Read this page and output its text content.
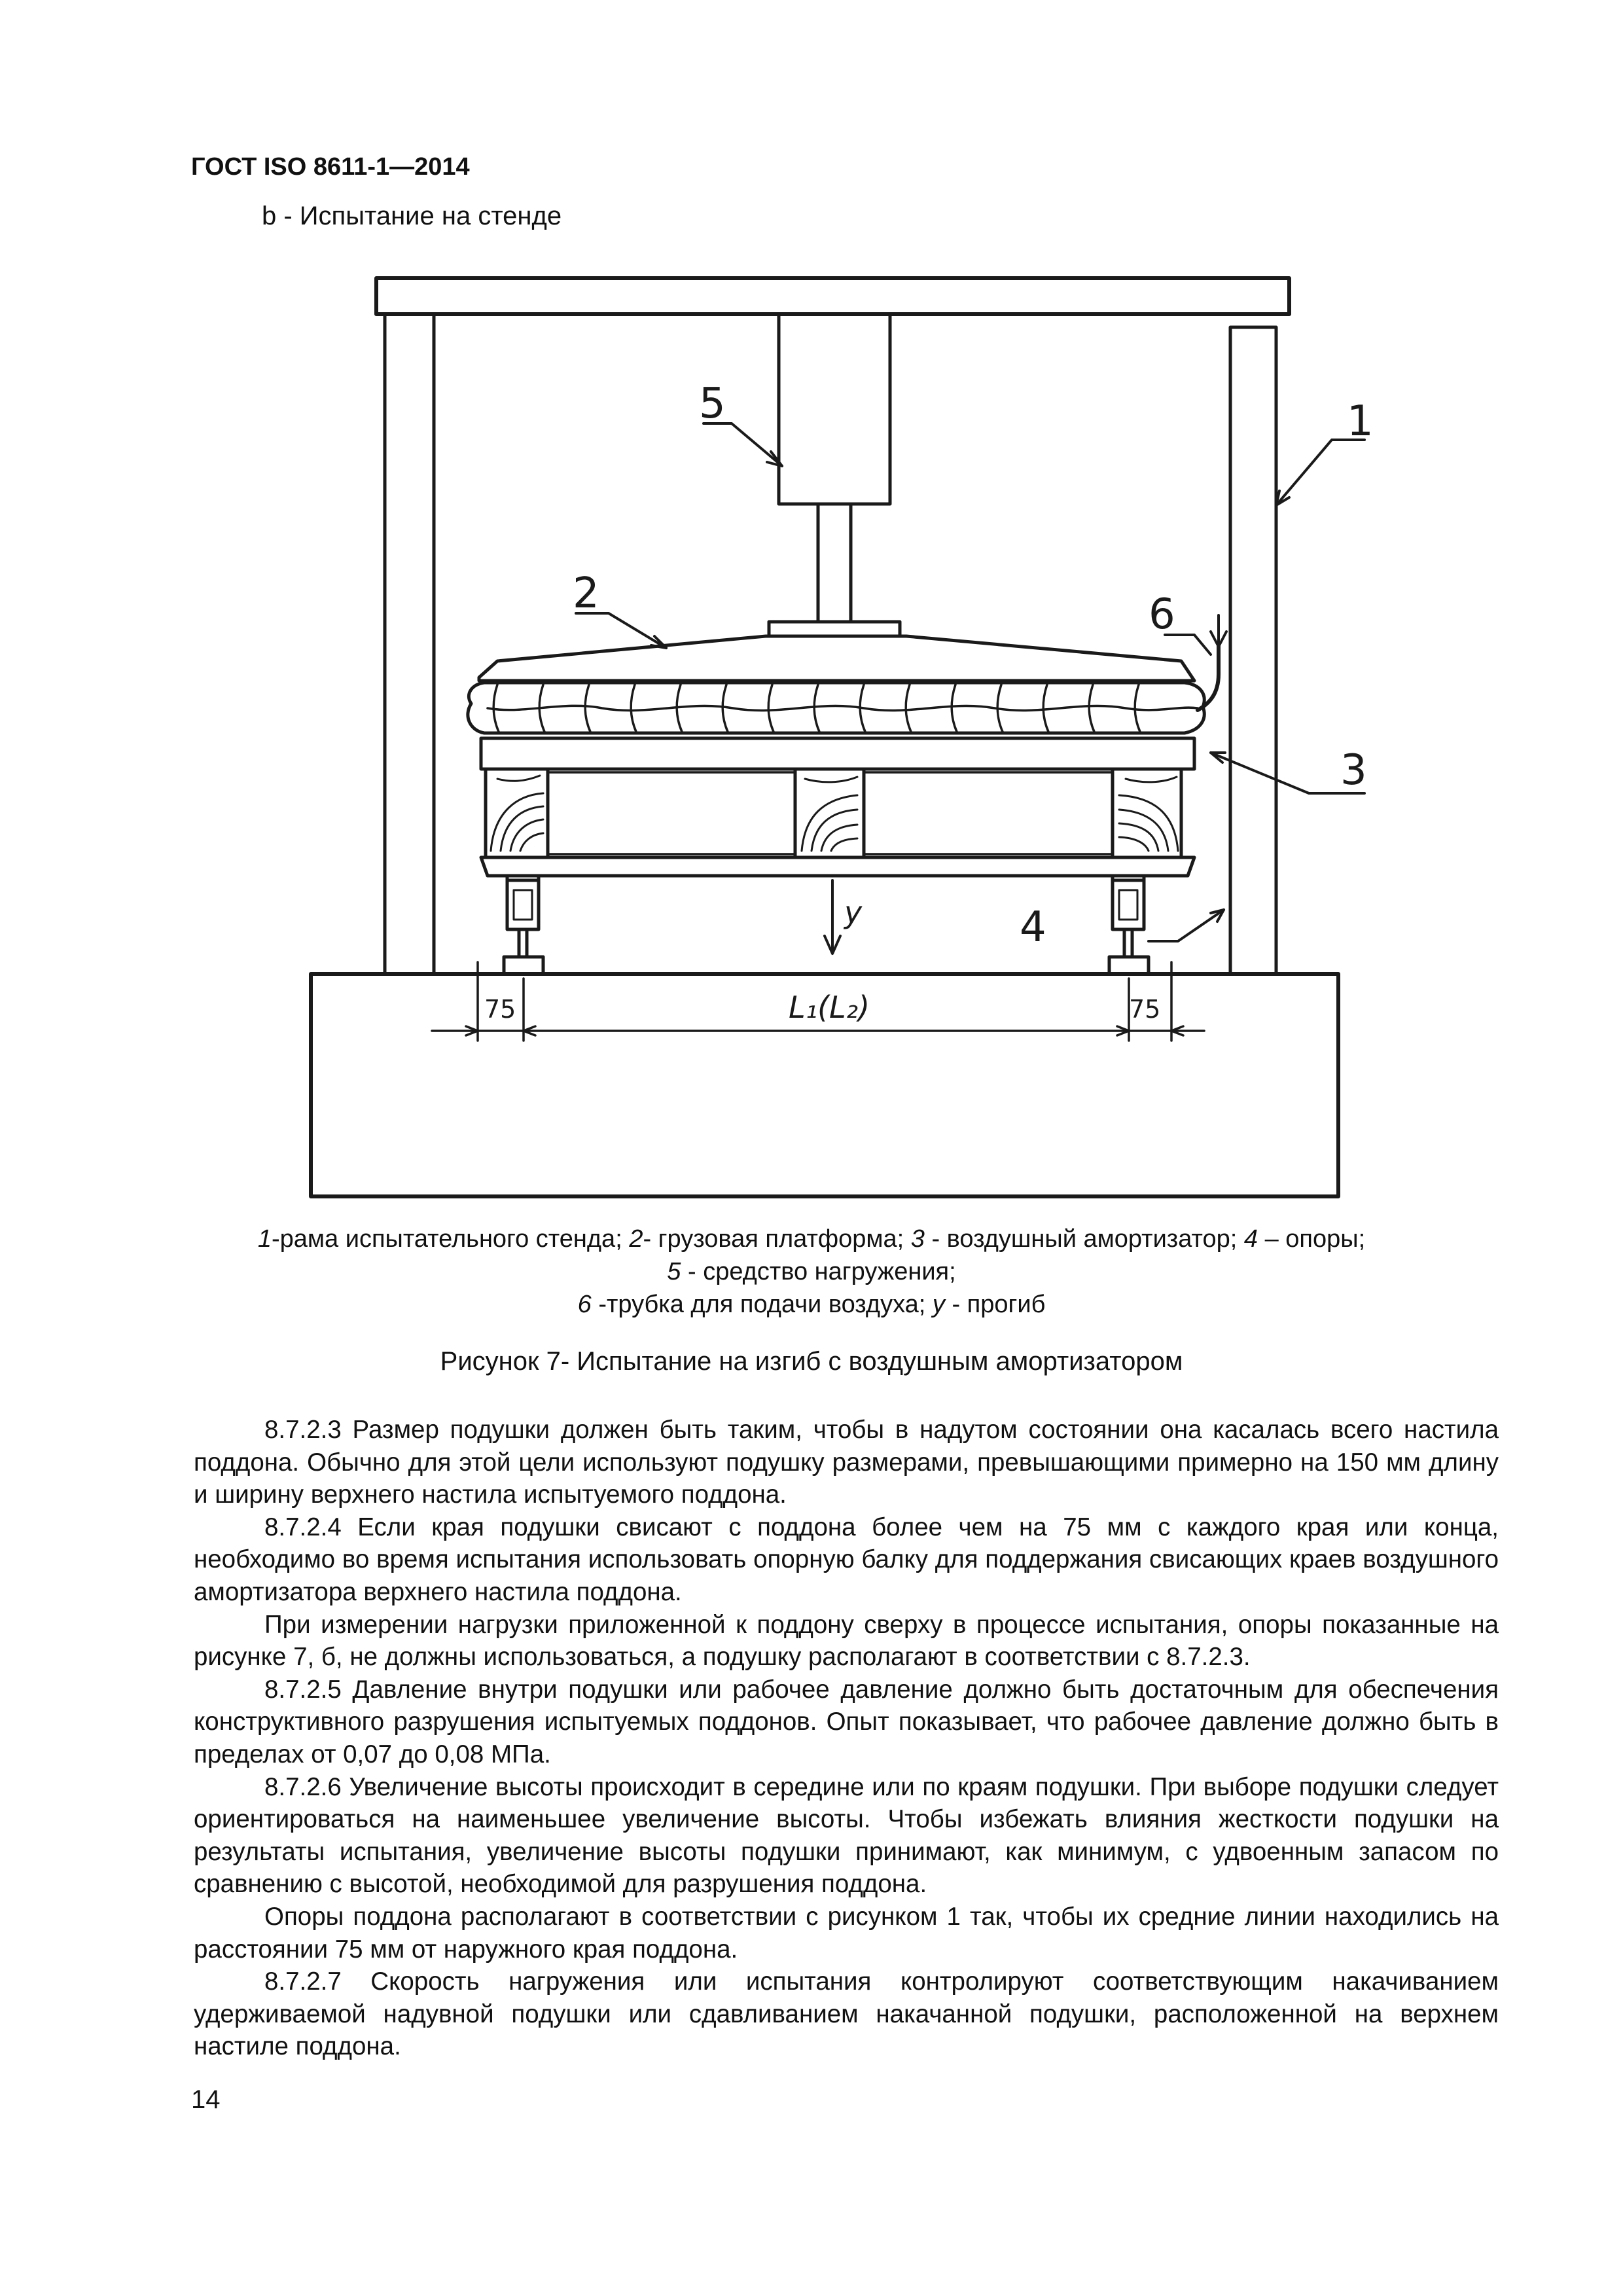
ГОСТ ISO 8611-1—2014
b - Испытание на стенде
5
2
1
6
3
4
y
75	L₁(L₂)	75
1-рама испытательного стенда; 2- грузовая платформа; 3 - воздушный амортизатор; 4 – опоры;
5 - средство нагружения;
6 -трубка для подачи воздуха; у - прогиб
Рисунок 7- Испытание на изгиб с воздушным амортизатором

8.7.2.3 Размер подушки должен быть таким, чтобы в надутом состоянии она касалась всего настила поддона. Обычно для этой цели используют подушку размерами, превышающими примерно на 150 мм длину и ширину верхнего настила испытуемого поддона.

8.7.2.4 Если края подушки свисают с поддона более чем на 75 мм с каждого края или конца, необходимо во время испытания использовать опорную балку для поддержания свисающих краев воздушного амортизатора верхнего настила поддона.

При измерении нагрузки приложенной к поддону сверху в процессе испытания, опоры показанные на рисунке 7, б, не должны использоваться, а подушку располагают в соответствии с 8.7.2.3.

8.7.2.5 Давление внутри подушки или рабочее давление должно быть достаточным для обеспечения конструктивного разрушения испытуемых поддонов. Опыт показывает, что рабочее давление должно быть в пределах от 0,07 до 0,08 МПа.

8.7.2.6 Увеличение высоты происходит в середине или по краям подушки. При выборе подушки следует ориентироваться на наименьшее увеличение высоты. Чтобы избежать влияния жесткости подушки на результаты испытания, увеличение высоты подушки принимают, как минимум, с удвоенным запасом по сравнению с высотой, необходимой для разрушения поддона.

Опоры поддона располагают в соответствии с рисунком 1 так, чтобы их средние линии находились на расстоянии 75 мм от наружного края поддона.

8.7.2.7 Скорость нагружения или испытания контролируют соответствующим накачиванием удерживаемой надувной подушки или сдавливанием накачанной подушки, расположенной на верхнем настиле поддона.

14
